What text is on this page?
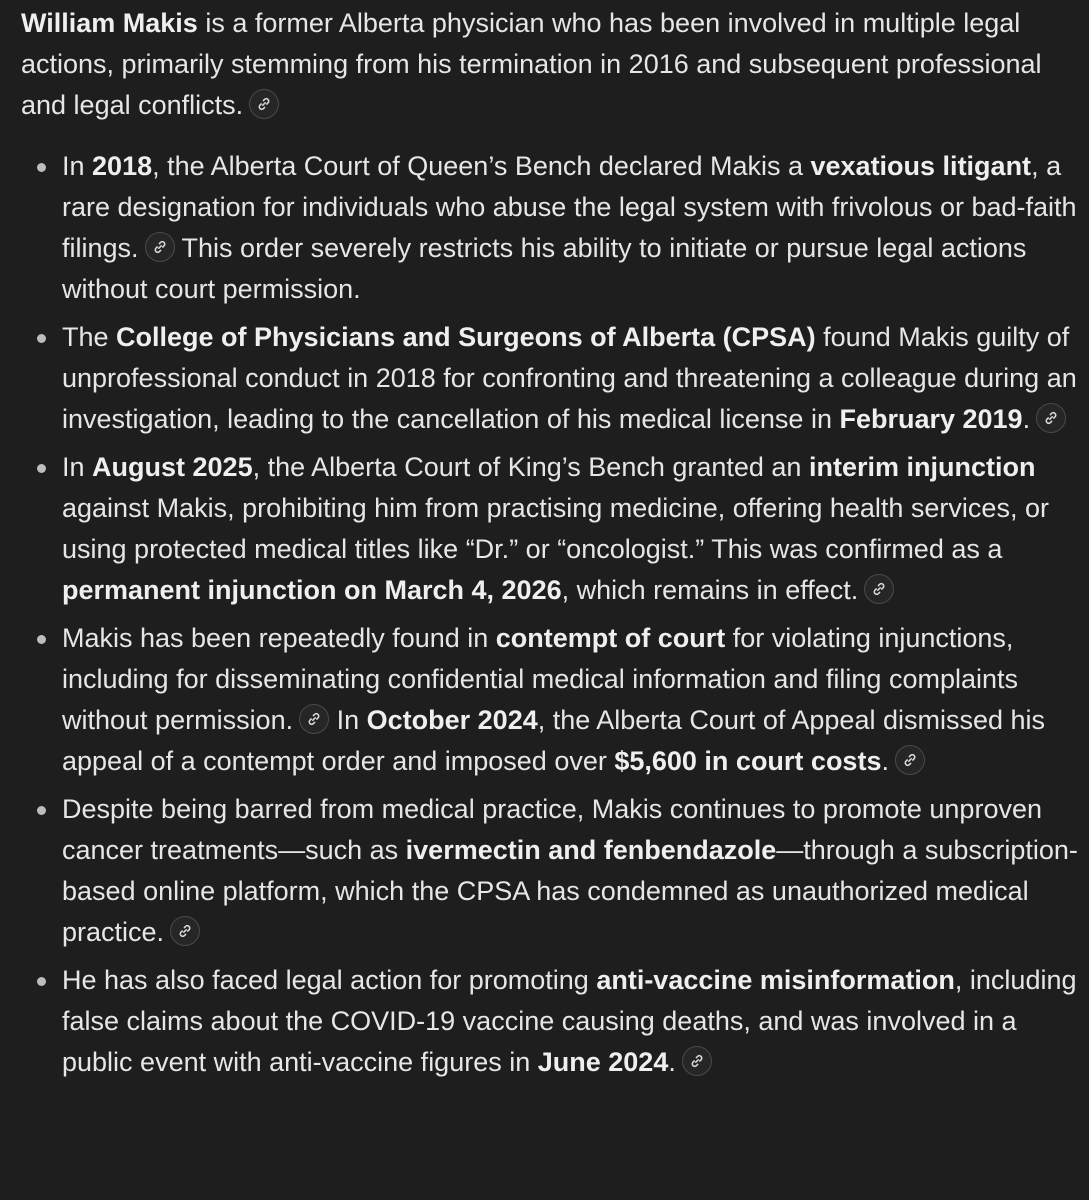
William Makis is a former Alberta physician who has been involved in multiple legal actions, primarily stemming from his termination in 2016 and subsequent professional and legal conflicts.

In 2018, the Alberta Court of Queen’s Bench declared Makis a vexatious litigant, a rare designation for individuals who abuse the legal system with frivolous or bad-faith filings.
This order severely restricts his ability to initiate or pursue legal actions without court permission.
The College of Physicians and Surgeons of Alberta (CPSA) found Makis guilty of unprofessional conduct in 2018 for confronting and threatening a colleague during an investigation, leading to the cancellation of his medical license in February 2019.
In August 2025, the Alberta Court of King’s Bench granted an interim injunction against Makis, prohibiting him from practising medicine, offering health services, or using protected medical titles like “Dr.” or “oncologist.” This was confirmed as a permanent injunction on March 4, 2026, which remains in effect.
Makis has been repeatedly found in contempt of court for violating injunctions, including for disseminating confidential medical information and filing complaints without permission.
In October 2024, the Alberta Court of Appeal dismissed his appeal of a contempt order and imposed over $5,600 in court costs.
Despite being barred from medical practice, Makis continues to promote unproven cancer treatments—such as ivermectin and fenbendazole—through a subscription-based online platform, which the CPSA has condemned as unauthorized medical practice.
He has also faced legal action for promoting anti-vaccine misinformation, including false claims about the COVID-19 vaccine causing deaths, and was involved in a public event with anti-vaccine figures in June 2024.
